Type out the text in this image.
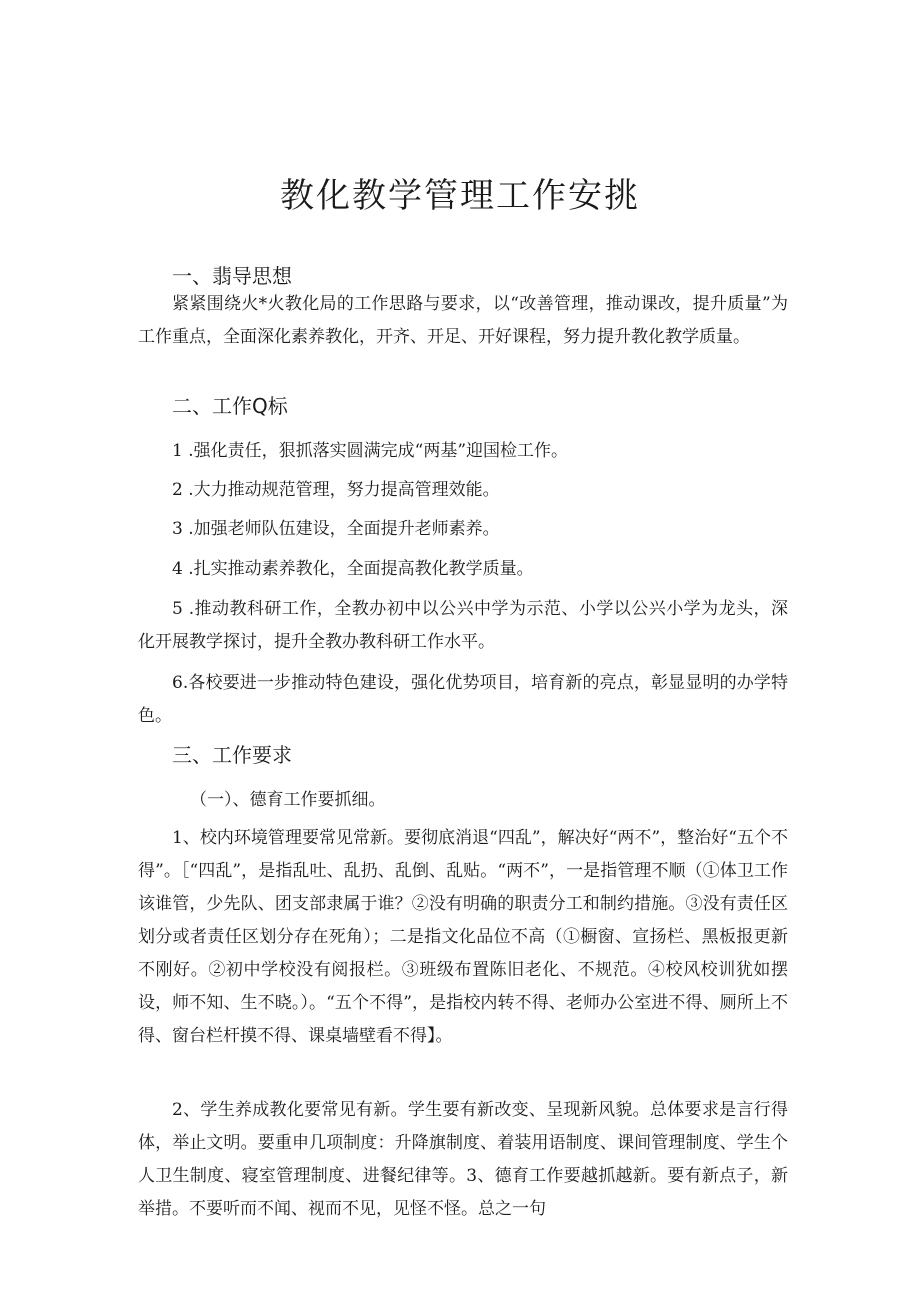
教化教学管理工作安挑
一、翡导思想

紧紧围绕火*火教化局的工作思路与要求，以“改善管理，推动课改，提升质量”为工作重点，全面深化素养教化，开齐、开足、开好课程，努力提升教化教学质量。

二、工作Q标
1 .强化责任，狠抓落实圆满完成“两基”迎国检工作。
2 .大力推动规范管理，努力提高管理效能。
3 .加强老师队伍建设，全面提升老师素养。
4 .扎实推动素养教化，全面提高教化教学质量。

5 .推动教科研工作，全教办初中以公兴中学为示范、小学以公兴小学为龙头，深化开展教学探讨，提升全教办教科研工作水平。

6.各校要进一步推动特色建设，强化优势项目，培育新的亮点，彰显显明的办学特色。

三、工作要求
（一）、德育工作要抓细。

1、校内环境管理要常见常新。要彻底消退“四乱”，解决好“两不”，整治好“五个不得”。［“四乱”，是指乱吐、乱扔、乱倒、乱贴。“两不”，一是指管理不顺（①体卫工作该谁管，少先队、团支部隶属于谁？②没有明确的职责分工和制约措施。③没有责任区划分或者责任区划分存在死角）；二是指文化品位不高（①橱窗、宣扬栏、黑板报更新不刚好。②初中学校没有阅报栏。③班级布置陈旧老化、不规范。④校风校训犹如摆设，师不知、生不晓。）。“五个不得”，是指校内转不得、老师办公室进不得、厕所上不得、窗台栏杆摸不得、课桌墙壁看不得】。

2、学生养成教化要常见有新。学生要有新改变、呈现新风貌。总体要求是言行得体，举止文明。要重申几项制度：升降旗制度、着装用语制度、课间管理制度、学生个人卫生制度、寝室管理制度、进餐纪律等。3、德育工作要越抓越新。要有新点子，新举措。不要听而不闻、视而不见，见怪不怪。总之一句
